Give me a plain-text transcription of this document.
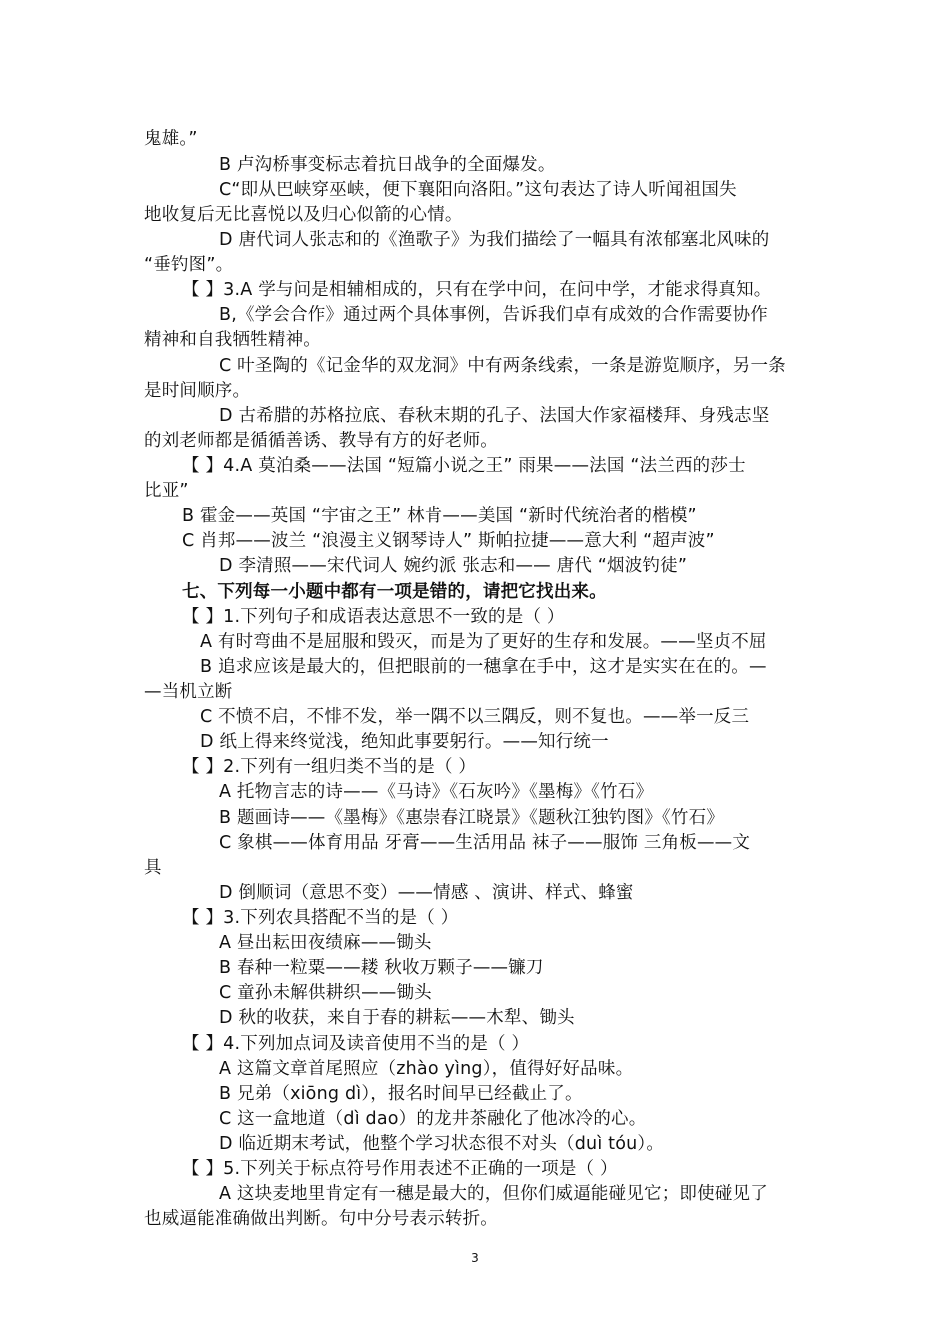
鬼雄。”
B 卢沟桥事变标志着抗日战争的全面爆发。
C“即从巴峡穿巫峡，便下襄阳向洛阳。”这句表达了诗人听闻祖国失
地收复后无比喜悦以及归心似箭的心情。
D 唐代词人张志和的《渔歌子》为我们描绘了一幅具有浓郁塞北风味的
“垂钓图”。
【 】3.A 学与问是相辅相成的，只有在学中问，在问中学，才能求得真知。
B,《学会合作》通过两个具体事例，告诉我们卓有成效的合作需要协作
精神和自我牺牲精神。
C 叶圣陶的《记金华的双龙洞》中有两条线索，一条是游览顺序，另一条
是时间顺序。
D 古希腊的苏格拉底、春秋末期的孔子、法国大作家福楼拜、身残志坚
的刘老师都是循循善诱、教导有方的好老师。
【 】4.A 莫泊桑——法国 “短篇小说之王” 雨果——法国 “法兰西的莎士
比亚”
B 霍金——英国 “宇宙之王” 林肯——美国 “新时代统治者的楷模”
C 肖邦——波兰 “浪漫主义钢琴诗人” 斯帕拉捷——意大利 “超声波”
D 李清照——宋代词人 婉约派 张志和—— 唐代 “烟波钓徒”
七、下列每一小题中都有一项是错的，请把它找出来。
【 】1.下列句子和成语表达意思不一致的是（ ）
A 有时弯曲不是屈服和毁灭，而是为了更好的生存和发展。——坚贞不屈
B 追求应该是最大的，但把眼前的一穗拿在手中，这才是实实在在的。—
—当机立断
C 不愤不启，不悱不发，举一隅不以三隅反，则不复也。——举一反三
D 纸上得来终觉浅，绝知此事要躬行。——知行统一
【 】2.下列有一组归类不当的是（ ）
A 托物言志的诗——《马诗》《石灰吟》《墨梅》《竹石》
B 题画诗——《墨梅》《惠崇春江晓景》《题秋江独钓图》《竹石》
C 象棋——体育用品 牙膏——生活用品 袜子——服饰 三角板——文
具
D 倒顺词（意思不变）——情感 、演讲、样式、蜂蜜
【 】3.下列农具搭配不当的是（ ）
A 昼出耘田夜绩麻——锄头
B 春种一粒粟——耧 秋收万颗子——镰刀
C 童孙未解供耕织——锄头
D 秋的收获，来自于春的耕耘——木犁、锄头
【 】4.下列加点词及读音使用不当的是（ ）
A 这篇文章首尾照应（zhào yìng），值得好好品味。
B 兄弟（xiōng dì），报名时间早已经截止了。
C 这一盒地道（dì dao）的龙井茶融化了他冰冷的心。
D 临近期末考试，他整个学习状态很不对头（duì tóu）。
【 】5.下列关于标点符号作用表述不正确的一项是（ ）
A 这块麦地里肯定有一穗是最大的，但你们威逼能碰见它；即使碰见了
也威逼能准确做出判断。句中分号表示转折。
3
